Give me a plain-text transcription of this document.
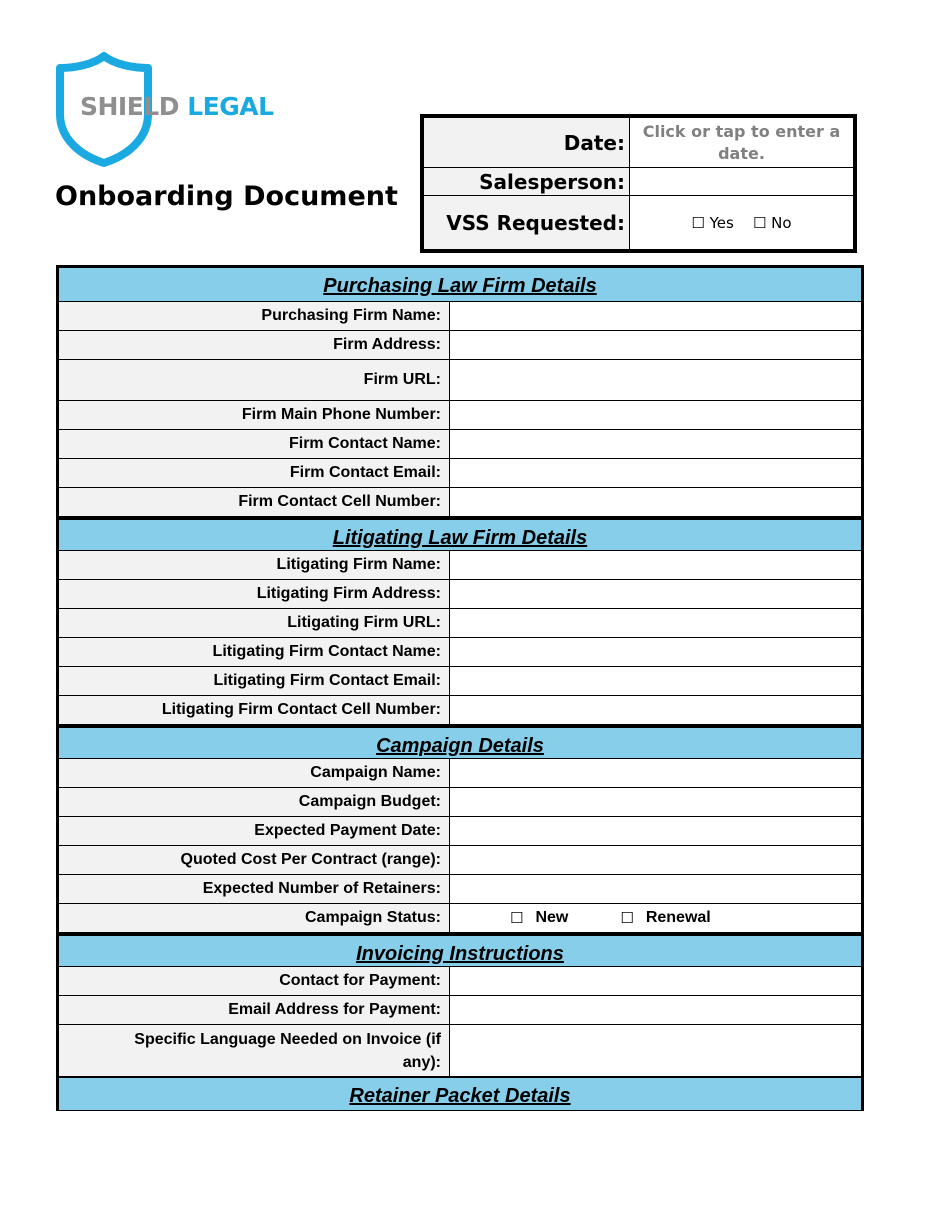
SHIELD LEGAL
Onboarding Document
Date:	Click or tap to enter a date.

Salesperson:	
VSS Requested:	☐ Yes ☐ No
Purchasing Law Firm Details
Purchasing Firm Name:
Firm Address:
Firm URL:
Firm Main Phone Number:
Firm Contact Name:
Firm Contact Email:
Firm Contact Cell Number:
Litigating Law Firm Details
Litigating Firm Name:
Litigating Firm Address:
Litigating Firm URL:
Litigating Firm Contact Name:
Litigating Firm Contact Email:
Litigating Firm Contact Cell Number:
Campaign Details
Campaign Name:
Campaign Budget:
Expected Payment Date:
Quoted Cost Per Contract (range):
Expected Number of Retainers:
Campaign Status:	☐ New	☐ Renewal
Invoicing Instructions
Contact for Payment:
Email Address for Payment:
Specific Language Needed on Invoice (if
any):
Retainer Packet Details
